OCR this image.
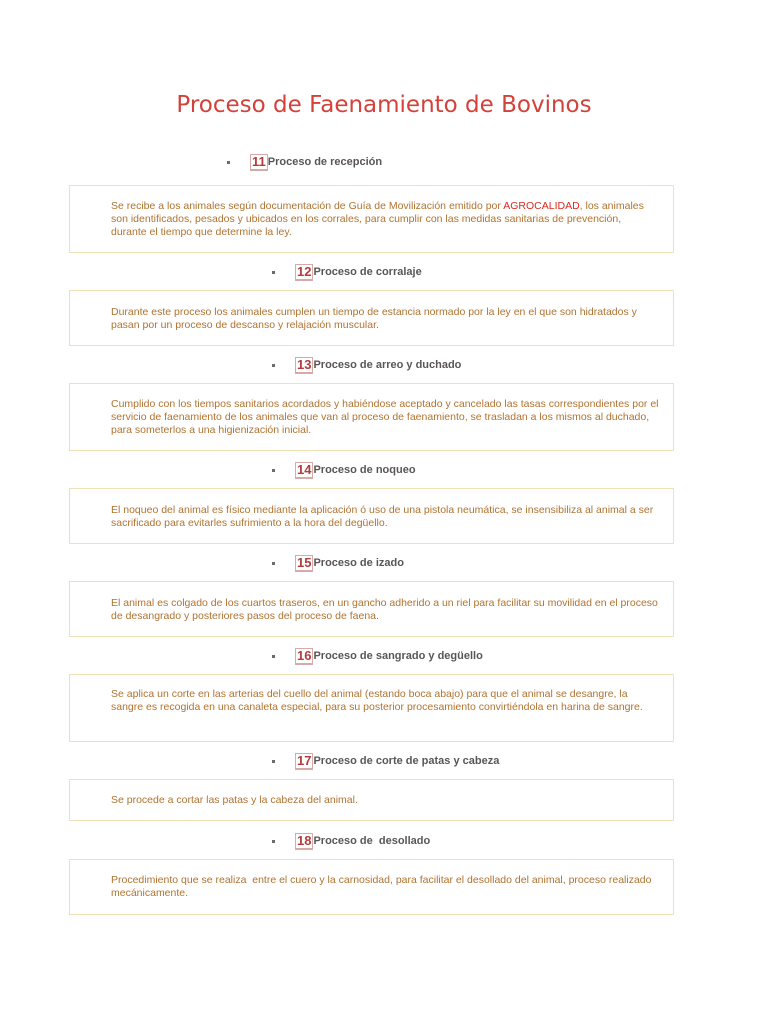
Proceso de Faenamiento de Bovinos
11 Proceso de recepción

Se recibe a los animales según documentación de Guía de Movilización emitido por AGROCALIDAD, los animales son identificados, pesados y ubicados en los corrales, para cumplir con las medidas sanitarias de prevención, durante el tiempo que determine la ley.

12 Proceso de corralaje

Durante este proceso los animales cumplen un tiempo de estancia normado por la ley en el que son hidratados y pasan por un proceso de descanso y relajación muscular.

13 Proceso de arreo y duchado

Cumplido con los tiempos sanitarios acordados y habiéndose aceptado y cancelado las tasas correspondientes por el servicio de faenamiento de los animales que van al proceso de faenamiento, se trasladan a los mismos al duchado, para someterlos a una higienización inicial.

14 Proceso de noqueo

El noqueo del animal es físico mediante la aplicación ó uso de una pistola neumática, se insensibiliza al animal a ser sacrificado para evitarles sufrimiento a la hora del degüello.

15 Proceso de izado

El animal es colgado de los cuartos traseros, en un gancho adherido a un riel para facilitar su movilidad en el proceso de desangrado y posteriores pasos del proceso de faena.

16 Proceso de sangrado y degüello

Se aplica un corte en las arterias del cuello del animal (estando boca abajo) para que el animal se desangre, la sangre es recogida en una canaleta especial, para su posterior procesamiento convirtiéndola en harina de sangre.

17 Proceso de corte de patas y cabeza

Se procede a cortar las patas y la cabeza del animal.

18 Proceso de  desollado

Procedimiento que se realiza  entre el cuero y la carnosidad, para facilitar el desollado del animal, proceso realizado mecánicamente.
